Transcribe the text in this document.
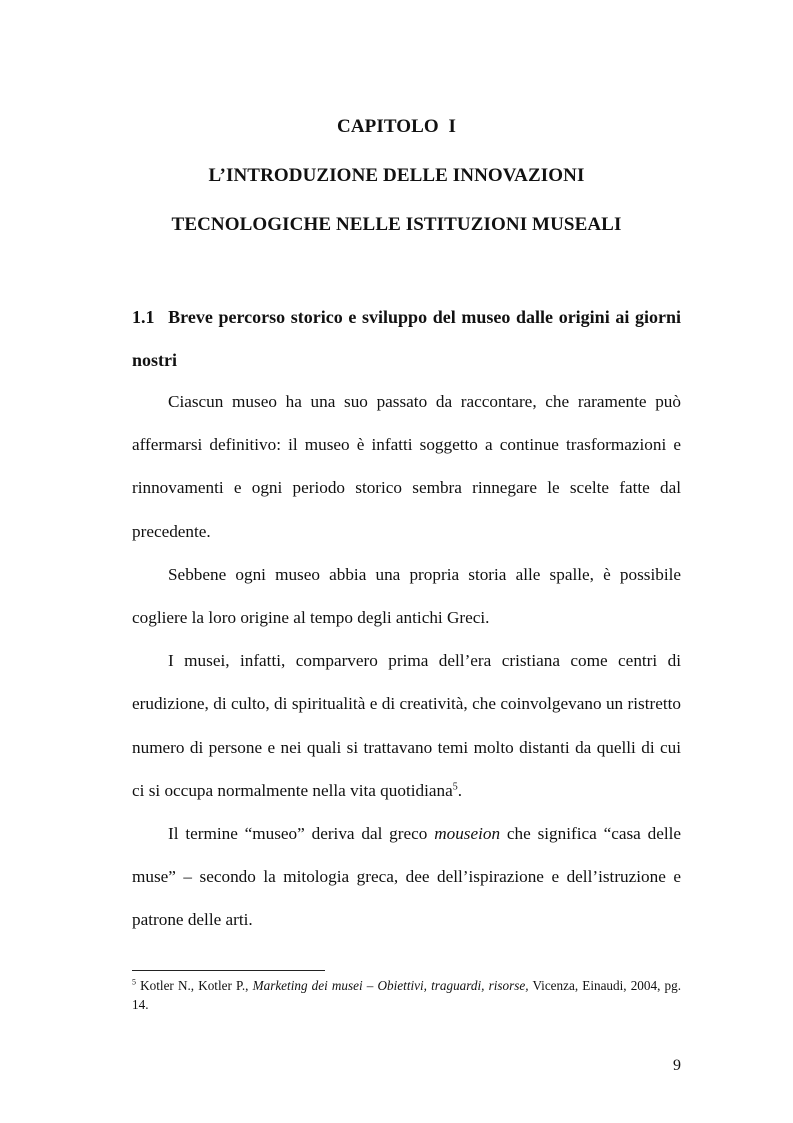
CAPITOLO  I
L’INTRODUZIONE DELLE INNOVAZIONI
TECNOLOGICHE NELLE ISTITUZIONI MUSEALI
1.1 Breve percorso storico e sviluppo del museo dalle origini ai giorni nostri

Ciascun museo ha una suo passato da raccontare, che raramente può affermarsi definitivo: il museo è infatti soggetto a continue trasformazioni e rinnovamenti e ogni periodo storico sembra rinnegare le scelte fatte dal precedente.

Sebbene ogni museo abbia una propria storia alle spalle, è possibile cogliere la loro origine al tempo degli antichi Greci.

I musei, infatti, comparvero prima dell’era cristiana come centri di erudizione, di culto, di spiritualità e di creatività, che coinvolgevano un ristretto numero di persone e nei quali si trattavano temi molto distanti da quelli di cui ci si occupa normalmente nella vita quotidiana$^5$.

Il termine “museo” deriva dal greco mouseion che significa “casa delle muse” – secondo la mitologia greca, dee dell’ispirazione e dell’istruzione e patrone delle arti.

$^5$ Kotler N., Kotler P., Marketing dei musei – Obiettivi, traguardi, risorse, Vicenza, Einaudi, 2004, pg. 14.
9
